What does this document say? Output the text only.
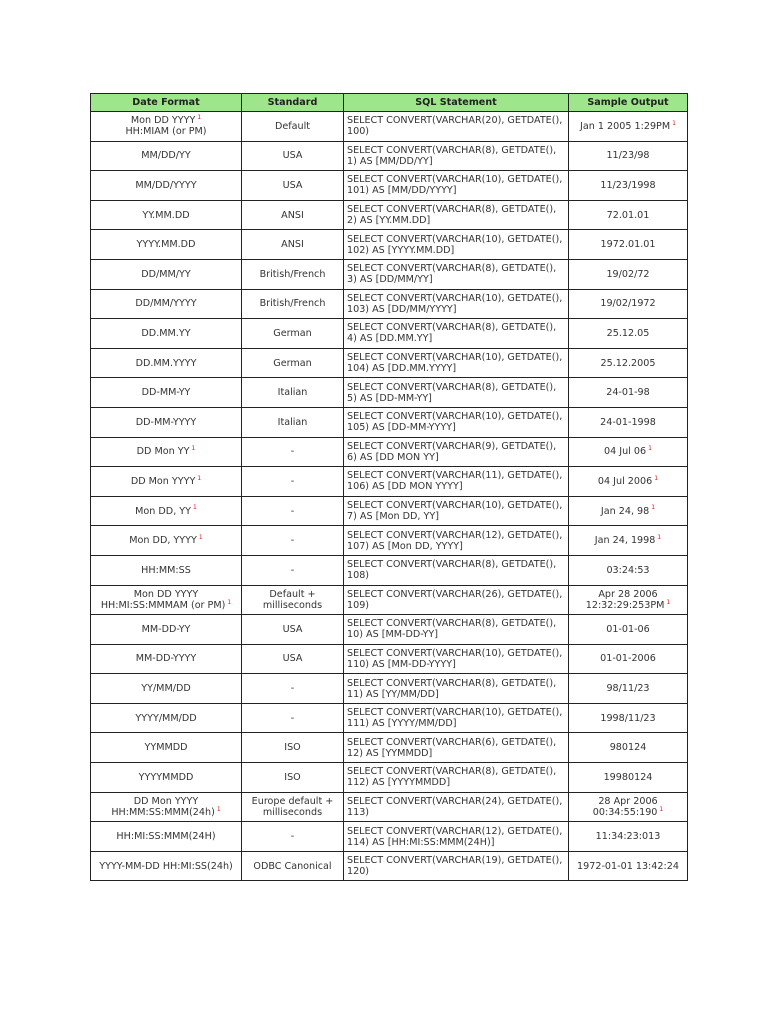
Date Format	Standard	SQL Statement	Sample Output

Mon DD YYYY $^1$
HH:MIAM (or PM)	Default	SELECT CONVERT(VARCHAR(20), GETDATE(),
100)	Jan 1 2005 1:29PM $^1$

MM/DD/YY	USA	SELECT CONVERT(VARCHAR(8), GETDATE(),
1) AS [MM/DD/YY]	11/23/98

MM/DD/YYYY	USA	SELECT CONVERT(VARCHAR(10), GETDATE(),
101) AS [MM/DD/YYYY]	11/23/1998

YY.MM.DD	ANSI	SELECT CONVERT(VARCHAR(8), GETDATE(),
2) AS [YY.MM.DD]	72.01.01

YYYY.MM.DD	ANSI	SELECT CONVERT(VARCHAR(10), GETDATE(),
102) AS [YYYY.MM.DD]	1972.01.01

DD/MM/YY	British/French	SELECT CONVERT(VARCHAR(8), GETDATE(),
3) AS [DD/MM/YY]	19/02/72

DD/MM/YYYY	British/French	SELECT CONVERT(VARCHAR(10), GETDATE(),
103) AS [DD/MM/YYYY]	19/02/1972

DD.MM.YY	German	SELECT CONVERT(VARCHAR(8), GETDATE(),
4) AS [DD.MM.YY]	25.12.05

DD.MM.YYYY	German	SELECT CONVERT(VARCHAR(10), GETDATE(),
104) AS [DD.MM.YYYY]	25.12.2005

DD-MM-YY	Italian	SELECT CONVERT(VARCHAR(8), GETDATE(),
5) AS [DD-MM-YY]	24-01-98

DD-MM-YYYY	Italian	SELECT CONVERT(VARCHAR(10), GETDATE(),
105) AS [DD-MM-YYYY]	24-01-1998

DD Mon YY $^1$	-	SELECT CONVERT(VARCHAR(9), GETDATE(),
6) AS [DD MON YY]	04 Jul 06 $^1$

DD Mon YYYY $^1$	-	SELECT CONVERT(VARCHAR(11), GETDATE(),
106) AS [DD MON YYYY]	04 Jul 2006 $^1$

Mon DD, YY $^1$	-	SELECT CONVERT(VARCHAR(10), GETDATE(),
7) AS [Mon DD, YY]	Jan 24, 98 $^1$

Mon DD, YYYY $^1$	-	SELECT CONVERT(VARCHAR(12), GETDATE(),
107) AS [Mon DD, YYYY]	Jan 24, 1998 $^1$

HH:MM:SS	-	SELECT CONVERT(VARCHAR(8), GETDATE(),
108)	03:24:53

Mon DD YYYY
HH:MI:SS:MMMAM (or PM) $^1$	Default +
milliseconds	SELECT CONVERT(VARCHAR(26), GETDATE(),
109)	Apr 28 2006
12:32:29:253PM $^1$

MM-DD-YY	USA	SELECT CONVERT(VARCHAR(8), GETDATE(),
10) AS [MM-DD-YY]	01-01-06

MM-DD-YYYY	USA	SELECT CONVERT(VARCHAR(10), GETDATE(),
110) AS [MM-DD-YYYY]	01-01-2006

YY/MM/DD	-	SELECT CONVERT(VARCHAR(8), GETDATE(),
11) AS [YY/MM/DD]	98/11/23

YYYY/MM/DD	-	SELECT CONVERT(VARCHAR(10), GETDATE(),
111) AS [YYYY/MM/DD]	1998/11/23

YYMMDD	ISO	SELECT CONVERT(VARCHAR(6), GETDATE(),
12) AS [YYMMDD]	980124

YYYYMMDD	ISO	SELECT CONVERT(VARCHAR(8), GETDATE(),
112) AS [YYYYMMDD]	19980124

DD Mon YYYY
HH:MM:SS:MMM(24h) $^1$	Europe default +
milliseconds	SELECT CONVERT(VARCHAR(24), GETDATE(),
113)	28 Apr 2006
00:34:55:190 $^1$

HH:MI:SS:MMM(24H)	-	SELECT CONVERT(VARCHAR(12), GETDATE(),
114) AS [HH:MI:SS:MMM(24H)]	11:34:23:013

YYYY-MM-DD HH:MI:SS(24h)	ODBC Canonical	SELECT CONVERT(VARCHAR(19), GETDATE(),
120)	1972-01-01 13:42:24
